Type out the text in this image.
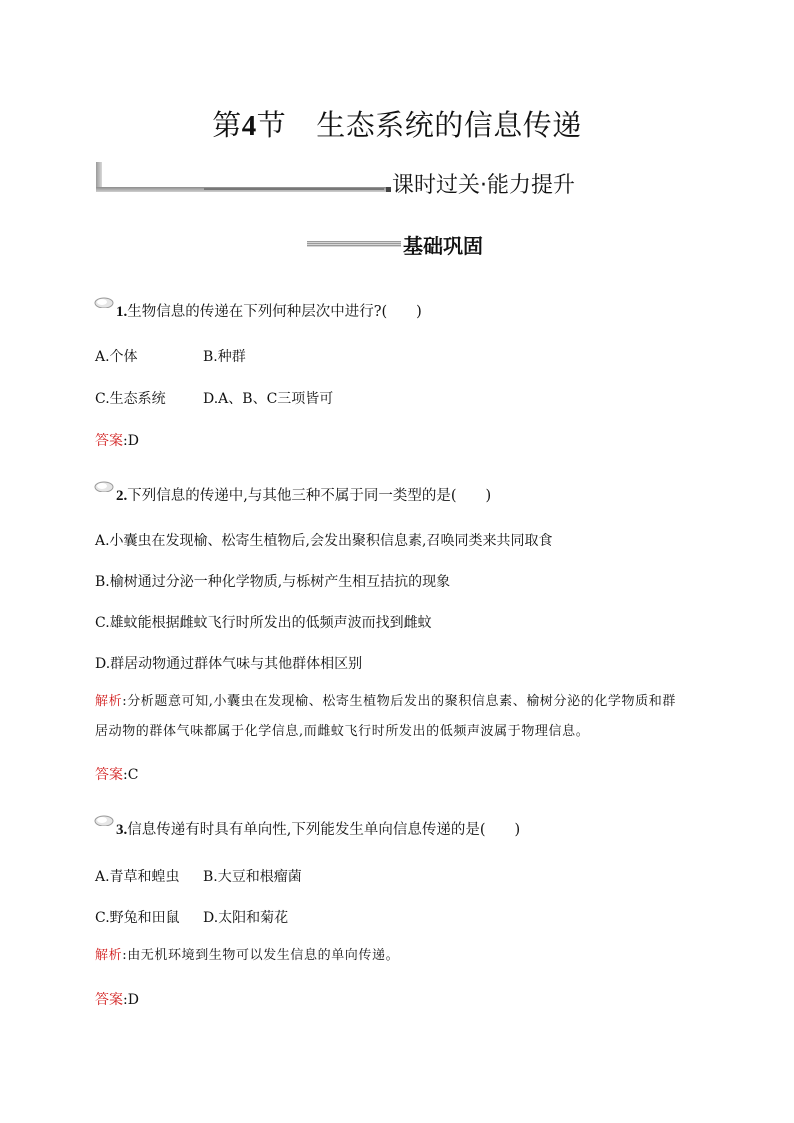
第4节 生态系统的信息传递
课时过关·能力提升
基础巩固
1.生物信息的传递在下列何种层次中进行?(　　)
A.个体	B.种群
C.生态系统	D.A、B、C三项皆可
答案:D
2.下列信息的传递中,与其他三种不属于同一类型的是(　　)
A.小囊虫在发现榆、松寄生植物后,会发出聚积信息素,召唤同类来共同取食
B.榆树通过分泌一种化学物质,与栎树产生相互拮抗的现象
C.雄蚊能根据雌蚊飞行时所发出的低频声波而找到雌蚊
D.群居动物通过群体气味与其他群体相区别
解析:分析题意可知,小囊虫在发现榆、松寄生植物后发出的聚积信息素、榆树分泌的化学物质和群
居动物的群体气味都属于化学信息,而雌蚊飞行时所发出的低频声波属于物理信息。
答案:C
3.信息传递有时具有单向性,下列能发生单向信息传递的是(　　)
A.青草和蝗虫 B.大豆和根瘤菌
C.野兔和田鼠 D.太阳和菊花
解析:由无机环境到生物可以发生信息的单向传递。
答案:D
